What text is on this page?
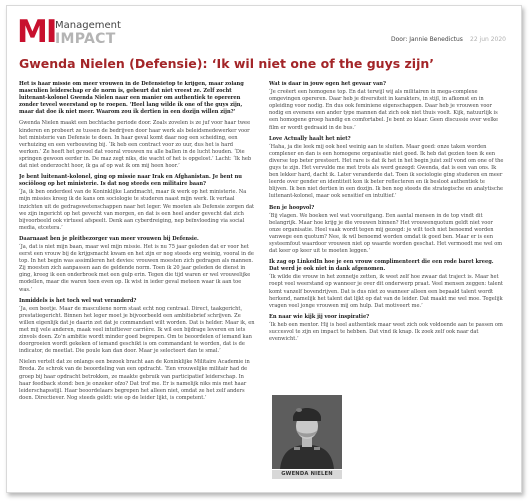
MI Management
IMPACT	Door: Jannie Benedictus 22 jun 2020
Gwenda Nielen (Defensie): ‘Ik wil niet one of the guys zijn’

Het is haar missie om meer vrouwen in de Defensietop te krijgen, maar zolang masculien leiderschap er de norm is, gebeurt dat niet vreest ze. Zelf zocht luitenant-kolonel Gwenda Nielen naar een manier om authentiek te opereren zonder teveel weerstand op te roepen. ‘Heel lang wilde ik one of the guys zijn, maar dat doe ik niet meer. Waarom zou ik dertien in een dozijn willen zijn?’

Gwenda Nielen maakt een bechtache periode door. Zoals zovelen is ze juf voor haar twee kinderen en probeert ze tussen de bedrijven door haar werk als beleidsmedewerker voor het ministerie van Defensie te doen. In haar geval komt daar nog een scheiding, een verhuizing en een verbouwing bij. ‘Ik heb een contract voor zo uur, dus het is hard werken.’ Ze heeft het gevoel dat vooral vrouwen nu alle ballen in de lucht houden. ‘Die springen gewoon eerder in. De maz zegt niks, die wacht of het is opgelost.’ Lacht: ‘Ik heb dat niet onderzocht hoor, ik ga af op wat ik om mij heen hoor.’

Je bent luitenant-kolonel, ging op missie naar Irak en Afghanistan. Je bent nu sociöloog op het ministerie. Is dat nog steeds een militaire baan?

‘Ja, ik ben onderdeel van de Koninklijke Landmacht, maar ik werk op het ministerie. Na mijn missies kreeg ik de kans om sociologie te studeren naast mijn werk. Ik vertaal inzichten uit de gedragswetenschappen naar het leger. We moeten als Defensie zorgen dat we zijn ingericht op het gevecht van morgen, en dat is een heel ander gevecht dat zich bijvoorbeeld ook virtueel afspeelt. Denk aan cyberdreiging, nep beïnvloeding via social media, etcetera.’

Daarnaast ben je pleitbezorger van meer vrouwen bij Defensie.

‘Ja, dat is niet mijn baan, maar wel mijn missie. Het is nu 75 jaar geleden dat er voor het eerst een vrouw bij de krijgsmacht kwam en het zijn er nog steeds erg weinig, vooral in de top. In het begin was assimileren het devies: vrouwen moesten zich gedragen als mannen. Zij moesten zich aanpassen aan de geldende norm. Toen ik 20 jaar geleden de dienst in ging, kreeg ik een onderbroek met een gulp erin. Tegen die tijd waren er wel vrouwelijke modellen, maar die waren toen even op. Ik wist in ieder geval meteen waar ik aan toe was.’

Inmiddels is het toch wel wat veranderd?

‘Ja, een beetje. Maar de masculiene norm staat echt nog centraal. Direct, taakgericht, prestatiegericht. Binnen het leger moet je bijvoorbeeld een ambitiebrief schrijven. Ze willen eigenlijk dat je daarin zet dat je commandant wilt worden. Dat is helder. Maar ik, en met mij vele anderen, maak veel intuïtiever carrière. Ik wil een bijdrage leveren en iets zinvols doen. Zo’n ambitie wordt minder goed begrepen. Om te beoordelen of iemand kan doorgroeien wordt gekeken of iemand geschikt is om commandant te worden, dat is de indicator, de meetlat. Die poule kan dan door. Maar je selecteert dan te smal.’

Nielen vertelt dat ze onlangs een bezoek bracht aan de Koninklijke Militaire Academie in Breda. Ze schrok van de beoordeling van een opdracht. ‘Een vrouwelijke militair had de groep bij haar opdracht betrokken, ze maakte gebruik van participatief leiderschap. In haar feedback stond: ben je onzeker ofzo? Dat trof me. Er is namelijk niks mis met haar leiderschapsstijl. Haar beoordelaars begrepen het alleen niet, omdat ze het zelf anders doen. Directiever. Nog steeds geldt: wie op de leider lijkt, is competent.’

Wat is daar in jouw ogen het gevaar van?

‘Je creëert een homogene top. En dat terwijl wij als militairen in mega-complexe omgevingen opereren. Daar heb je diversiteit in karakters, in stijl, in afkomst en in opleiding voor nodig. En dus ook feminiene eigenschappen. Daar heb je vrouwen voor nodig en evenens een ander type mannen dat zich ook niet thuis voelt. Kijk, natuurlijk is een homogene groep handig en comfortabel. Je bent zo klaar. Geen discussie over welke film er wordt gedraaid in de bus.’

Love Actually haalt het niet?

‘Haha, ja die leek mij ook heel weinig aan te sluiten. Maar goed: onze taken worden complexer en dan is een homogene organisatie niet goed. Ik heb dat gezien toen ik een diverse top beter presteert. Het rare is dat ik het in het begin juist zelf vond om one of the guys te zijn. Het vervulde me met trots als werd gezegd: Gwenda, dat is een van ons. Ik ben lekker hard, dacht ik. Later veranderde dat. Toen ik sociologie ging studeren en meer leerde over gender en identiteit kon ik beter reflecteren en ik besloot authentiek te blijven. Ik ben niet dertien in een dozijn. Ik ben nog steeds die strategische en analytische luitenant-kolonel, maar ook sensitief en intuïtief.’

Ben je hoopvol?

‘Bij vlagen. We boeken wel wat vooruitgang. Een aantal mensen in de top vindt dit belangrijk. Maar hoe krijg je die vrouwen binnen? Het vrouwenquotum geldt niet voor onze organisatie. Heel vaak wordt tegen mij gezegd: je wilt toch niet benoemd worden vanwege een quotum? Nee, ik wil benoemd worden omdat ik goed ben. Maar er is een systeemfout waardoor vrouwen niet op waarde worden geschat. Het vermoedt me wel om dat keer op keer uit te moeten leggen.’

Ik zag op LinkedIn hoe je een vrouw complimenteert die een rode baret kreeg. Dat werd je ook niet in dank afgenomen.

‘Ik wilde die vrouw in het zonnetje zetten, ik weet zelf hoe zwaar dat traject is. Maar het roept veel weerstand op wanneer je over dit onderwerp praat. Veel mensen zeggen: talent komt vanzelf bovendrijven. Dat is dus niet zo wanneer alleen een bepaald talent wordt herkend, namelijk het talent dat lijkt op dat van de leider. Dat maakt me wel moe. Tegelijk vragen veel jonge vrouwen mij om hulp. Dat motiveert me.’

En naar wie kijk jij voor inspiratie?

‘Ik heb een mentor. Hij is heel authentiek maar weet zich ook voldoende aan te passen om succesvol te zijn en impact te hebben. Dat vind ik knap. Ik zoek zelf ook naar dat evenwicht.’

GWENDA NIELEN
